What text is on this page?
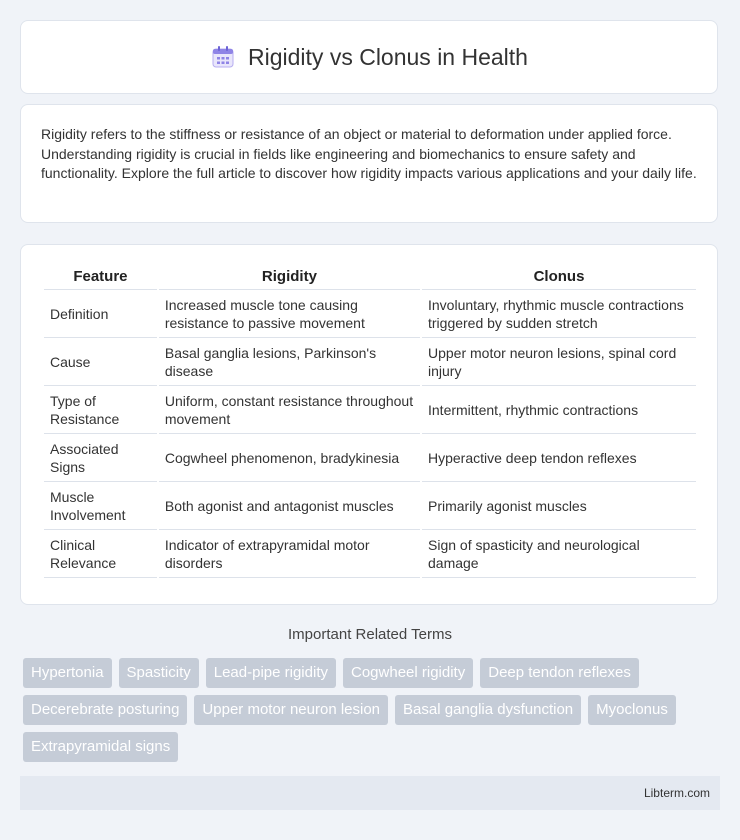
Rigidity vs Clonus in Health

Rigidity refers to the stiffness or resistance of an object or material to deformation under applied force. Understanding rigidity is crucial in fields like engineering and biomechanics to ensure safety and functionality. Explore the full article to discover how rigidity impacts various applications and your daily life.

Feature	Rigidity	Clonus
Definition	Increased muscle tone causing resistance to passive movement	Involuntary, rhythmic muscle contractions triggered by sudden stretch
Cause	Basal ganglia lesions, Parkinson's disease	Upper motor neuron lesions, spinal cord injury
Type of Resistance	Uniform, constant resistance throughout movement	Intermittent, rhythmic contractions
Associated Signs	Cogwheel phenomenon, bradykinesia	Hyperactive deep tendon reflexes
Muscle Involvement	Both agonist and antagonist muscles	Primarily agonist muscles
Clinical Relevance	Indicator of extrapyramidal motor disorders	Sign of spasticity and neurological damage
Important Related Terms
Hypertonia	Spasticity	Lead-pipe rigidity	Cogwheel rigidity	Deep tendon reflexes
Decerebrate posturing	Upper motor neuron lesion	Basal ganglia dysfunction	Myoclonus
Extrapyramidal signs
Libterm.com
